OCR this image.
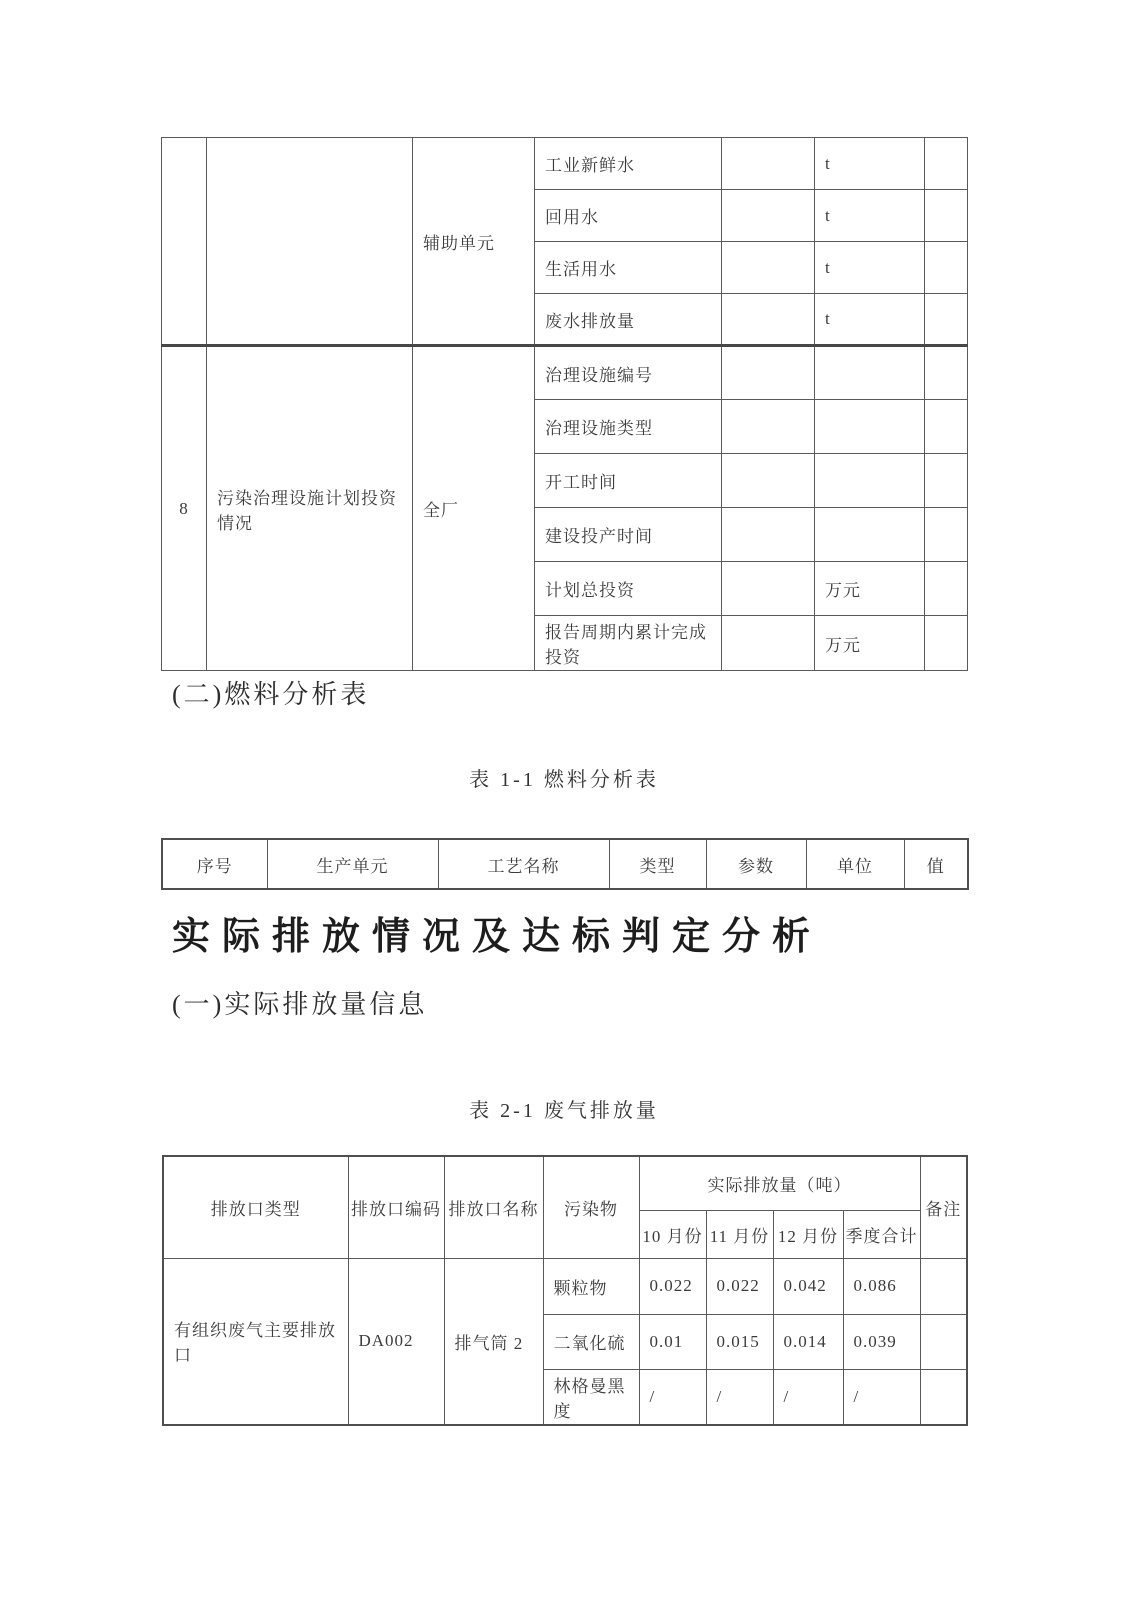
		辅助单元	工业新鲜水		t	
			回用水		t	
			生活用水		t	
			废水排放量		t	
8	污染治理设施计划投资情况	全厂	治理设施编号			
			治理设施类型			
			开工时间			
			建设投产时间			
			计划总投资		万元	
			报告周期内累计完成投资		万元	
(二)燃料分析表
表 1-1 燃料分析表
序号	生产单元	工艺名称	类型	参数	单位	值
实际排放情况及达标判定分析
(一)实际排放量信息
表 2-1 废气排放量
排放口类型	排放口编码	排放口名称	污染物	实际排放量（吨）				备注
				10 月份	11 月份	12 月份	季度合计	
有组织废气主要排放口	DA002	排气筒 2	颗粒物	0.022	0.022	0.042	0.086	
			二氧化硫	0.01	0.015	0.014	0.039	
			林格曼黑度	/	/	/	/	
